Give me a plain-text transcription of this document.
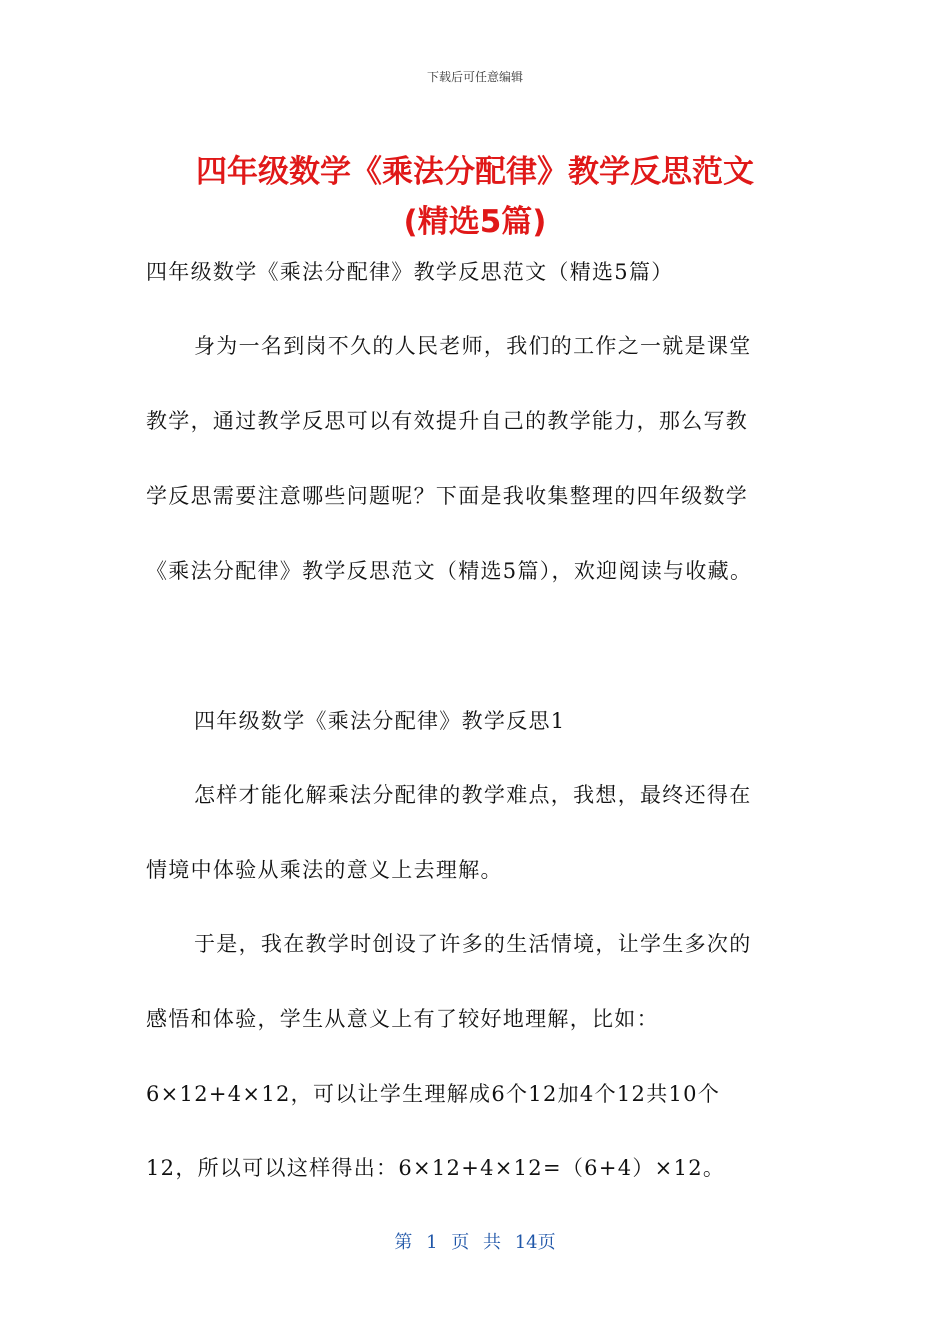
下载后可任意编辑
四年级数学《乘法分配律》教学反思范文
(精选5篇)
四年级数学《乘法分配律》教学反思范文（精选5篇）
身为一名到岗不久的人民老师，我们的工作之一就是课堂
教学，通过教学反思可以有效提升自己的教学能力，那么写教
学反思需要注意哪些问题呢？下面是我收集整理的四年级数学
《乘法分配律》教学反思范文（精选5篇），欢迎阅读与收藏。
四年级数学《乘法分配律》教学反思1
怎样才能化解乘法分配律的教学难点，我想，最终还得在
情境中体验从乘法的意义上去理解。
于是，我在教学时创设了许多的生活情境，让学生多次的
感悟和体验，学生从意义上有了较好地理解，比如：
6×12+4×12，可以让学生理解成6个12加4个12共10个
12，所以可以这样得出：6×12+4×12=（6+4）×12。
第 1 页 共 14页
